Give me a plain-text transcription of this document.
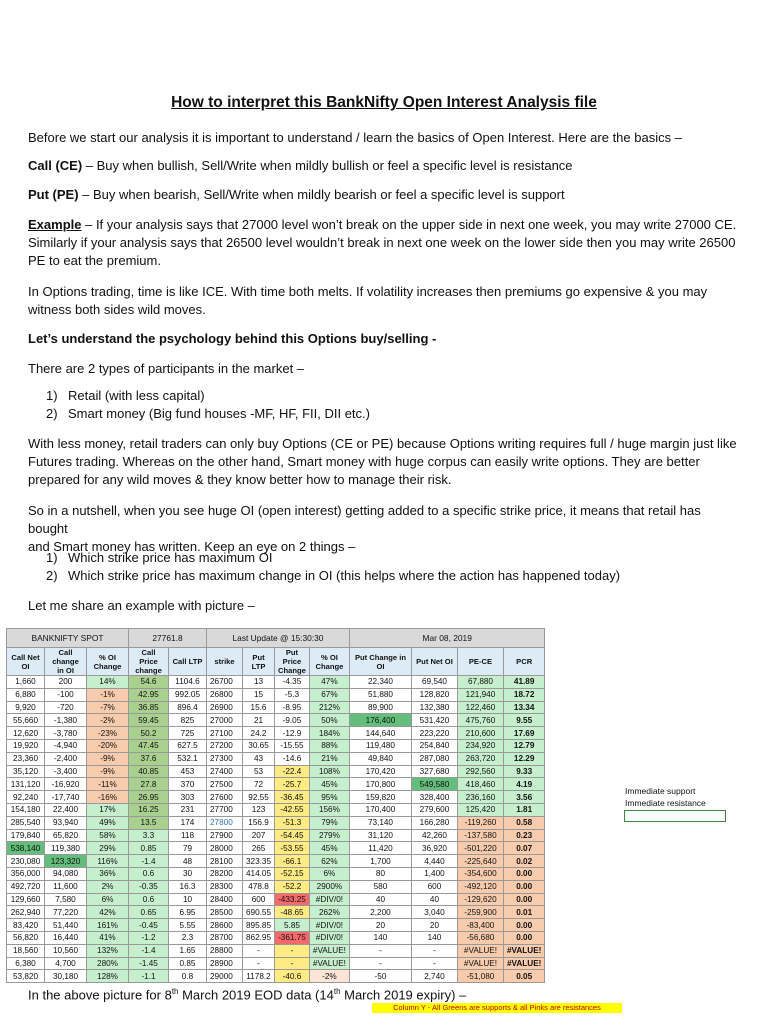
How to interpret this BankNifty Open Interest Analysis file

Before we start our analysis it is important to understand / learn the basics of Open Interest. Here are the basics –

Call (CE) – Buy when bullish, Sell/Write when mildly bullish or feel a specific level is resistance

Put (PE) – Buy when bearish, Sell/Write when mildly bearish or feel a specific level is support

Example – If your analysis says that 27000 level won’t break on the upper side in next one week, you may write 27000 CE.
Similarly if your analysis says that 26500 level wouldn’t break in next one week on the lower side then you may write 26500
PE to eat the premium.
In Options trading, time is like ICE. With time both melts. If volatility increases then premiums go expensive & you may
witness both sides wild moves.

Let’s understand the psychology behind this Options buy/selling -

There are 2 types of participants in the market –

1) Retail (with less capital)
2) Smart money (Big fund houses -MF, HF, FII, DII etc.)
With less money, retail traders can only buy Options (CE or PE) because Options writing requires full / huge margin just like
Futures trading. Whereas on the other hand, Smart money with huge corpus can easily write options. They are better
prepared for any wild moves & they know better how to manage their risk.
So in a nutshell, when you see huge OI (open interest) getting added to a specific strike price, it means that retail has bought
and Smart money has written. Keep an eye on 2 things –
1) Which strike price has maximum OI
2) Which strike price has maximum change in OI (this helps where the action has happened today)

Let me share an example with picture –

BANKNIFTY SPOT			27761.8		Last Update @ 15:30:30				Mar 08, 2019			
Call Net OI	Call change in OI	% OI Change	Call Price change	Call LTP	strike	Put LTP	Put Price Change	% OI Change	Put Change in OI	Put Net OI	PE-CE	PCR
1,660	200	14%	54.6	1104.6	26700	13	-4.35	47%	22,340	69,540	67,880	41.89
6,880	-100	-1%	42.95	992.05	26800	15	-5.3	67%	51,880	128,820	121,940	18.72
9,920	-720	-7%	36.85	896.4	26900	15.6	-8.95	212%	89,900	132,380	122,460	13.34
55,660	-1,380	-2%	59.45	825	27000	21	-9.05	50%	176,400	531,420	475,760	9.55
12,620	-3,780	-23%	50.2	725	27100	24.2	-12.9	184%	144,640	223,220	210,600	17.69
19,920	-4,940	-20%	47.45	627.5	27200	30.65	-15.55	88%	119,480	254,840	234,920	12.79
23,360	-2,400	-9%	37.6	532.1	27300	43	-14.6	21%	49,840	287,080	263,720	12.29
35,120	-3,400	-9%	40.85	453	27400	53	-22.4	108%	170,420	327,680	292,560	9.33
131,120	-16,920	-11%	27.8	370	27500	72	-25.7	45%	170,800	549,580	418,460	4.19
92,240	-17,740	-16%	26.95	303	27600	92.55	-36.45	95%	159,820	328,400	236,160	3.56
154,180	22,400	17%	16.25	231	27700	123	-42.55	156%	170,400	279,600	125,420	1.81
285,540	93,940	49%	13.5	174	27800	156.9	-51.3	79%	73,140	166,280	-119,260	0.58
179,840	65,820	58%	3.3	118	27900	207	-54.45	279%	31,120	42,260	-137,580	0.23
538,140	119,380	29%	0.85	79	28000	265	-53.55	45%	11,420	36,920	-501,220	0.07
230,080	123,320	116%	-1.4	48	28100	323.35	-66.1	62%	1,700	4,440	-225,640	0.02
356,000	94,080	36%	0.6	30	28200	414.05	-52.15	6%	80	1,400	-354,600	0.00
492,720	11,600	2%	-0.35	16.3	28300	478.8	-52.2	2900%	580	600	-492,120	0.00
129,660	7,580	6%	0.6	10	28400	600	-433.25	#DIV/0!	40	40	-129,620	0.00
262,940	77,220	42%	0.65	6.95	28500	690.55	-48.65	262%	2,200	3,040	-259,900	0.01
83,420	51,440	161%	-0.45	5.55	28600	895.85	5.85	#DIV/0!	20	20	-83,400	0.00
56,820	16,440	41%	-1.2	2.3	28700	862.95	-361.75	#DIV/0!	140	140	-56,680	0.00
18,560	10,560	132%	-1.4	1.65	28800	-	-	#VALUE!	-	-	#VALUE!	#VALUE!
6,380	4,700	280%	-1.45	0.85	28900	-	-	#VALUE!	-	-	#VALUE!	#VALUE!
53,820	30,180	128%	-1.1	0.8	29000	1178.2	-40.6	-2%	-50	2,740	-51,080	0.05
Immediate support
Immediate resistance
Column Y - All Greens are supports & all Pinks are resistances

In the above picture for 8th March 2019 EOD data (14th March 2019 expiry) –
